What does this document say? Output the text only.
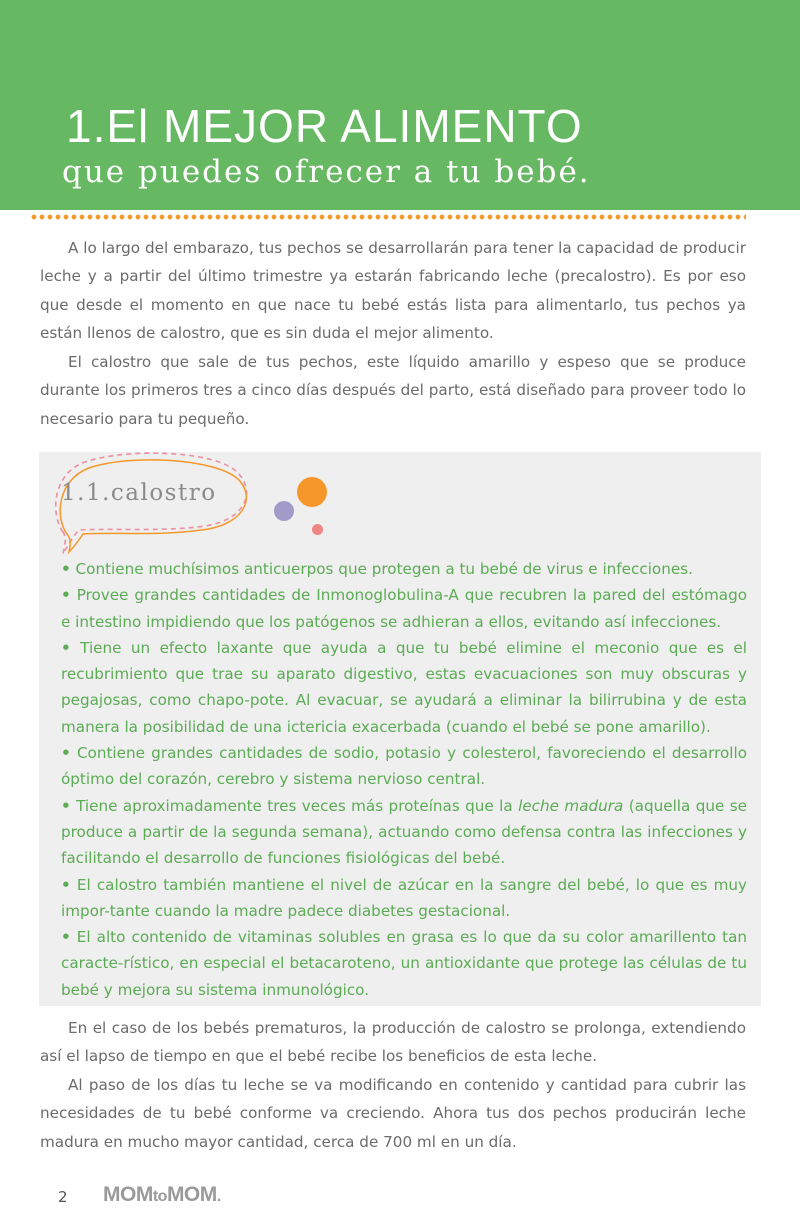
1.El MEJOR ALIMENTO
que puedes ofrecer a tu bebé.

A lo largo del embarazo, tus pechos se desarrollarán para tener la capacidad de producir leche y a partir del último trimestre ya estarán fabricando leche (precalostro). Es por eso que desde el momento en que nace tu bebé estás lista para alimentarlo, tus pechos ya están llenos de calostro, que es sin duda el mejor alimento.

El calostro que sale de tus pechos, este líquido amarillo y espeso que se produce durante los primeros tres a cinco días después del parto, está diseñado para proveer todo lo necesario para tu pequeño.

1.1.calostro
• Contiene muchísimos anticuerpos que protegen a tu bebé de virus e infecciones.
• Provee grandes cantidades de Inmonoglobulina-A que recubren la pared del estómago e intestino impidiendo que los patógenos se adhieran a ellos, evitando así infecciones.
• Tiene un efecto laxante que ayuda a que tu bebé elimine el meconio que es el recubrimiento que trae su aparato digestivo, estas evacuaciones son muy obscuras y pegajosas, como chapo-pote. Al evacuar, se ayudará a eliminar la bilirrubina y de esta manera la posibilidad de una ictericia exacerbada (cuando el bebé se pone amarillo).
• Contiene grandes cantidades de sodio, potasio y colesterol, favoreciendo el desarrollo óptimo del corazón, cerebro y sistema nervioso central.
• Tiene aproximadamente tres veces más proteínas que la leche madura (aquella que se produce a partir de la segunda semana), actuando como defensa contra las infecciones y facilitando el desarrollo de funciones fisiológicas del bebé.
• El calostro también mantiene el nivel de azúcar en la sangre del bebé, lo que es muy impor-tante cuando la madre padece diabetes gestacional.
• El alto contenido de vitaminas solubles en grasa es lo que da su color amarillento tan caracte-rístico, en especial el betacaroteno, un antioxidante que protege las células de tu bebé y mejora su sistema inmunológico.

En el caso de los bebés prematuros, la producción de calostro se prolonga, extendiendo así el lapso de tiempo en que el bebé recibe los beneficios de esta leche.

Al paso de los días tu leche se va modificando en contenido y cantidad para cubrir las necesidades de tu bebé conforme va creciendo. Ahora tus dos pechos producirán leche madura en mucho mayor cantidad, cerca de 700 ml en un día.

2 MOMtoMOM.
